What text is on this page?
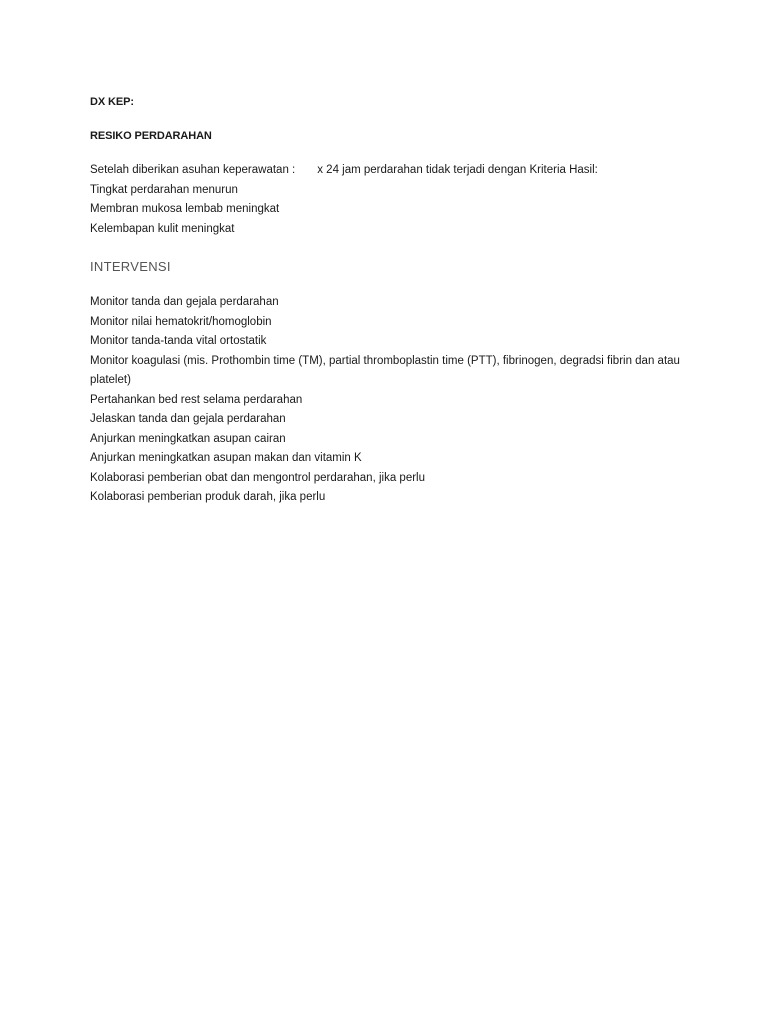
DX KEP:

RESIKO PERDARAHAN

Setelah diberikan asuhan keperawatan : x 24 jam perdarahan tidak terjadi dengan Kriteria Hasil:
Tingkat perdarahan menurun
Membran mukosa lembab meningkat
Kelembapan kulit meningkat
INTERVENSI
Monitor tanda dan gejala perdarahan
Monitor nilai hematokrit/homoglobin
Monitor tanda-tanda vital ortostatik
Monitor koagulasi (mis. Prothombin time (TM), partial thromboplastin time (PTT), fibrinogen, degradsi fibrin dan atau platelet)
Pertahankan bed rest selama perdarahan
Jelaskan tanda dan gejala perdarahan
Anjurkan meningkatkan asupan cairan
Anjurkan meningkatkan asupan makan dan vitamin K
Kolaborasi pemberian obat dan mengontrol perdarahan, jika perlu
Kolaborasi pemberian produk darah, jika perlu
